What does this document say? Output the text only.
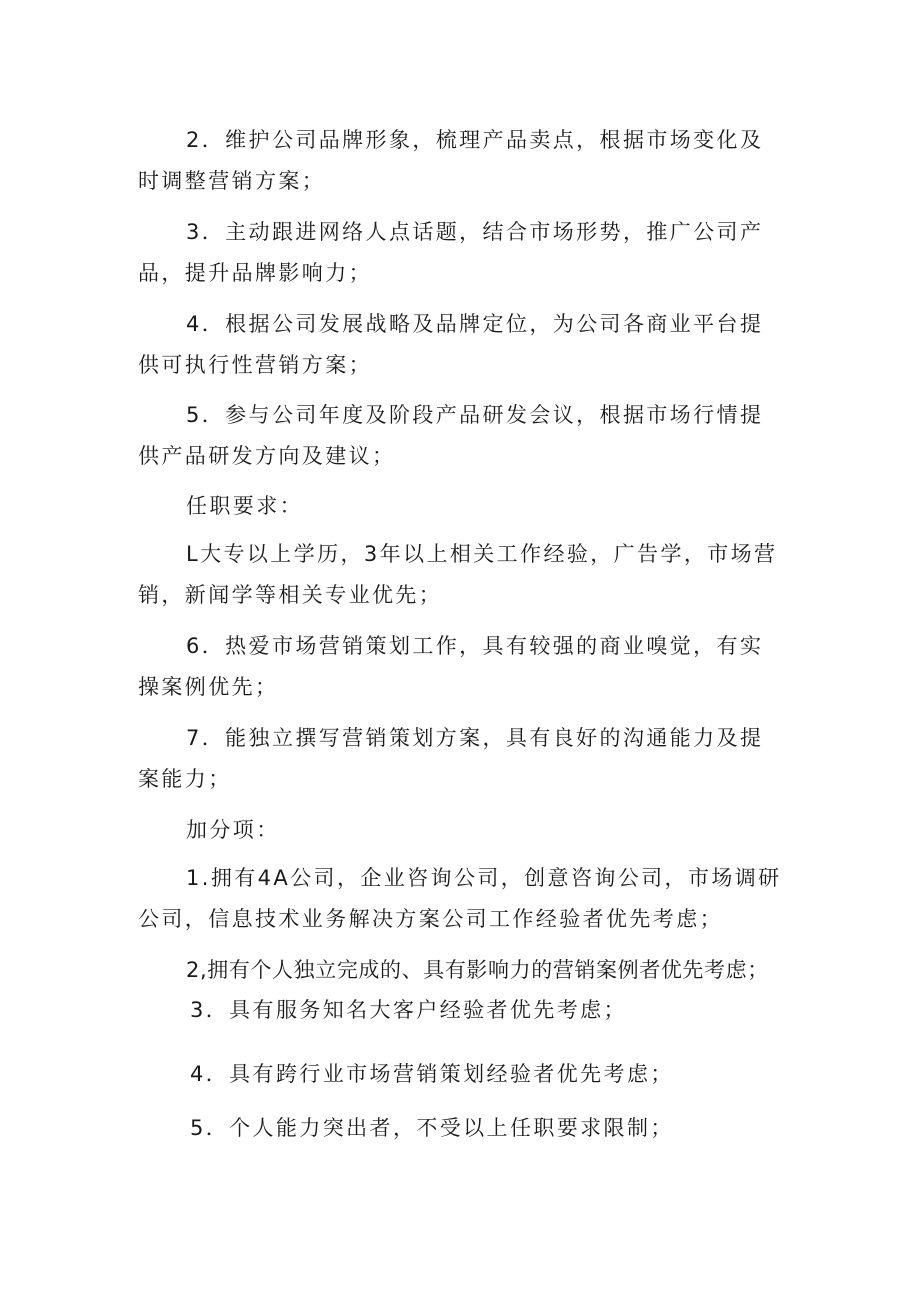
2．维护公司品牌形象，梳理产品卖点，根据市场变化及时调整营销方案；

3．主动跟进网络人点话题，结合市场形势，推广公司产品，提升品牌影响力；

4．根据公司发展战略及品牌定位，为公司各商业平台提供可执行性营销方案；

5．参与公司年度及阶段产品研发会议，根据市场行情提供产品研发方向及建议；

任职要求：

L大专以上学历，3年以上相关工作经验，广告学，市场营销，新闻学等相关专业优先；

6．热爱市场营销策划工作，具有较强的商业嗅觉，有实操案例优先；

7．能独立撰写营销策划方案，具有良好的沟通能力及提案能力；

加分项：

1.拥有4A公司，企业咨询公司，创意咨询公司，市场调研公司，信息技术业务解决方案公司工作经验者优先考虑；

2,拥有个人独立完成的、具有影响力的营销案例者优先考虑；

3．具有服务知名大客户经验者优先考虑；

4．具有跨行业市场营销策划经验者优先考虑；

5．个人能力突出者，不受以上任职要求限制；
